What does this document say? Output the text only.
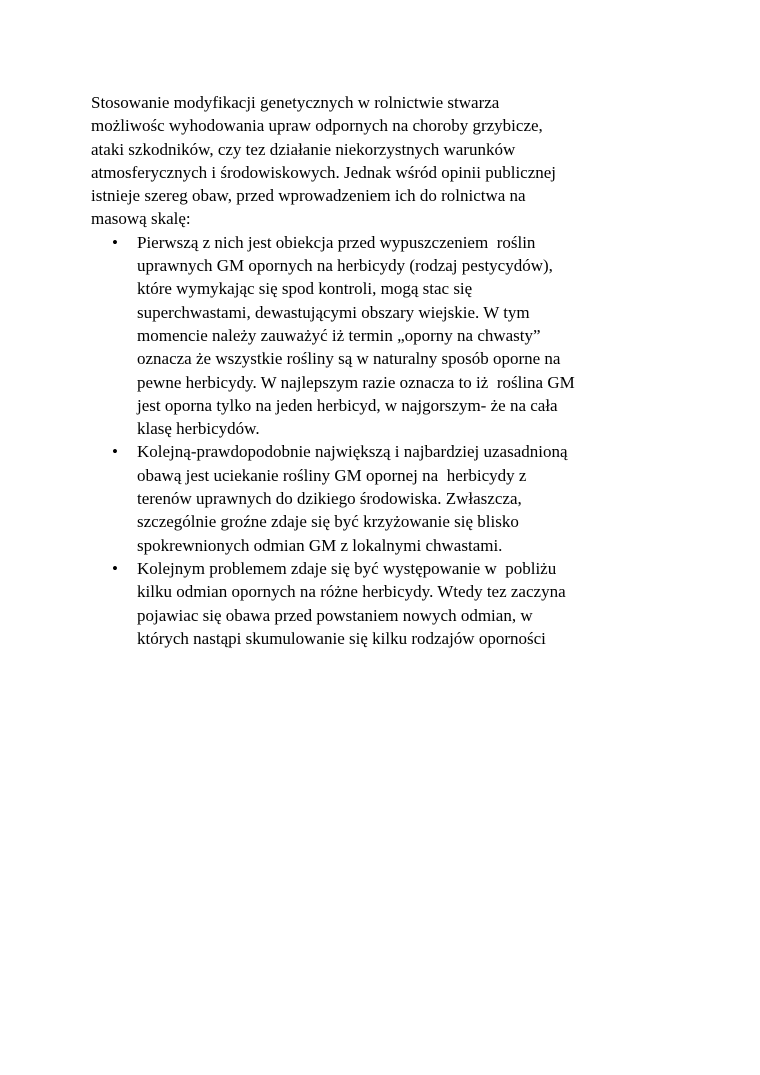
Stosowanie modyfikacji genetycznych w rolnictwie stwarza
możliwośc wyhodowania upraw odpornych na choroby grzybicze,
ataki szkodników, czy tez działanie niekorzystnych warunków
atmosferycznych i środowiskowych. Jednak wśród opinii publicznej
istnieje szereg obaw, przed wprowadzeniem ich do rolnictwa na
masową skalę:

• Pierwszą z nich jest obiekcja przed wypuszczeniem  roślin
uprawnych GM opornych na herbicydy (rodzaj pestycydów),
które wymykając się spod kontroli, mogą stac się
superchwastami, dewastującymi obszary wiejskie. W tym
momencie należy zauważyć iż termin „oporny na chwasty”
oznacza że wszystkie rośliny są w naturalny sposób oporne na
pewne herbicydy. W najlepszym razie oznacza to iż  roślina GM
jest oporna tylko na jeden herbicyd, w najgorszym- że na cała
klasę herbicydów.
• Kolejną-prawdopodobnie największą i najbardziej uzasadnioną
obawą jest uciekanie rośliny GM opornej na  herbicydy z
terenów uprawnych do dzikiego środowiska. Zwłaszcza,
szczególnie groźne zdaje się być krzyżowanie się blisko
spokrewnionych odmian GM z lokalnymi chwastami.
• Kolejnym problemem zdaje się być występowanie w  pobliżu
kilku odmian opornych na różne herbicydy. Wtedy tez zaczyna
pojawiac się obawa przed powstaniem nowych odmian, w
których nastąpi skumulowanie się kilku rodzajów oporności
